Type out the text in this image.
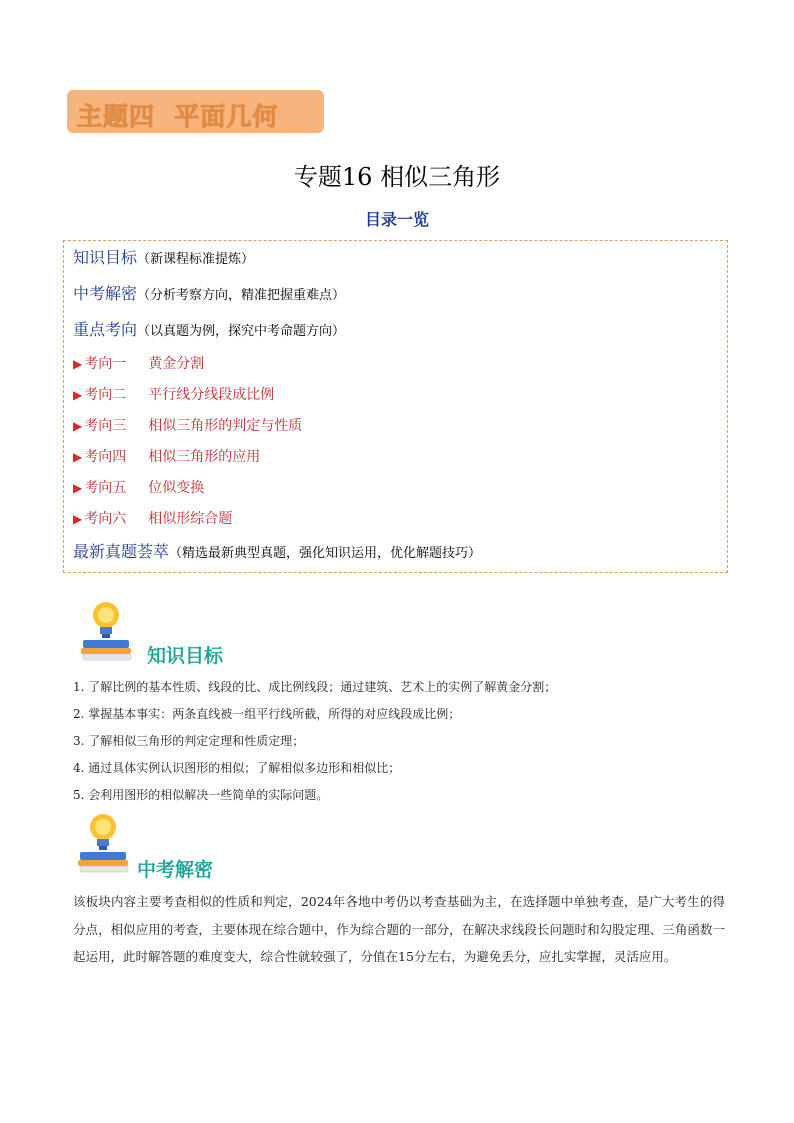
主题四  平面几何
专题16 相似三角形
目录一览
知识目标（新课程标准提炼）
中考解密（分析考察方向，精准把握重难点）
重点考向（以真题为例，探究中考命题方向）
▶ 考向一 黄金分割
▶ 考向二 平行线分线段成比例
▶ 考向三 相似三角形的判定与性质
▶ 考向四 相似三角形的应用
▶ 考向五 位似变换
▶ 考向六 相似形综合题
最新真题荟萃（精选最新典型真题，强化知识运用，优化解题技巧）
知识目标
1. 了解比例的基本性质、线段的比、成比例线段；通过建筑、艺术上的实例了解黄金分割；
2. 掌握基本事实：两条直线被一组平行线所截，所得的对应线段成比例；
3. 了解相似三角形的判定定理和性质定理；
4. 通过具体实例认识图形的相似；了解相似多边形和相似比；
5. 会利用图形的相似解决一些简单的实际问题。
中考解密
该板块内容主要考查相似的性质和判定，2024年各地中考仍以考查基础为主，在选择题中单独考查，是广大考生的得分点，相似应用的考查，主要体现在综合题中，作为综合题的一部分，在解决求线段长问题时和勾股定理、三角函数一起运用，此时解答题的难度变大，综合性就较强了，分值在15分左右，为避免丢分，应扎实掌握，灵活应用。
